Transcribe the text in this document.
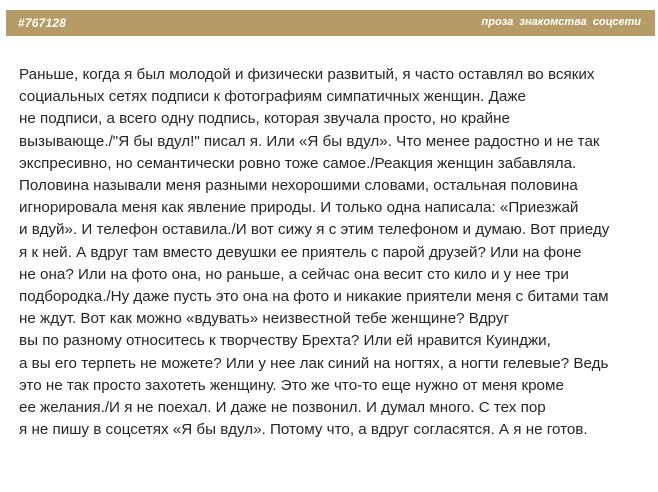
#767128	проза знакомства соцсети
Раньше, когда я был молодой и физически развитый, я часто оставлял во всяких
социальных сетях подписи к фотографиям симпатичных женщин. Даже
не подписи, а всего одну подпись, которая звучала просто, но крайне
вызывающе./"Я бы вдул!" писал я. Или «Я бы вдул». Что менее радостно и не так
экспресивно, но семантически ровно тоже самое./Реакция женщин забавляла.
Половина называли меня разными нехорошими словами, остальная половина
игнорировала меня как явление природы. И только одна написала: «Приезжай
и вдуй». И телефон оставила./И вот сижу я с этим телефоном и думаю. Вот приеду
я к ней. А вдруг там вместо девушки ее приятель с парой друзей? Или на фоне
не она? Или на фото она, но раньше, а сейчас она весит сто кило и у нее три
подбородка./Ну даже пусть это она на фото и никакие приятели меня с битами там
не ждут. Вот как можно «вдувать» неизвестной тебе женщине? Вдруг
вы по разному относитесь к творчеству Брехта? Или ей нравится Куинджи,
а вы его терпеть не можете? Или у нее лак синий на ногтях, а ногти гелевые? Ведь
это не так просто захотеть женщину. Это же что-то еще нужно от меня кроме
ее желания./И я не поехал. И даже не позвонил. И думал много. С тех пор
я не пишу в соцсетях «Я бы вдул». Потому что, а вдруг согласятся. А я не готов.
